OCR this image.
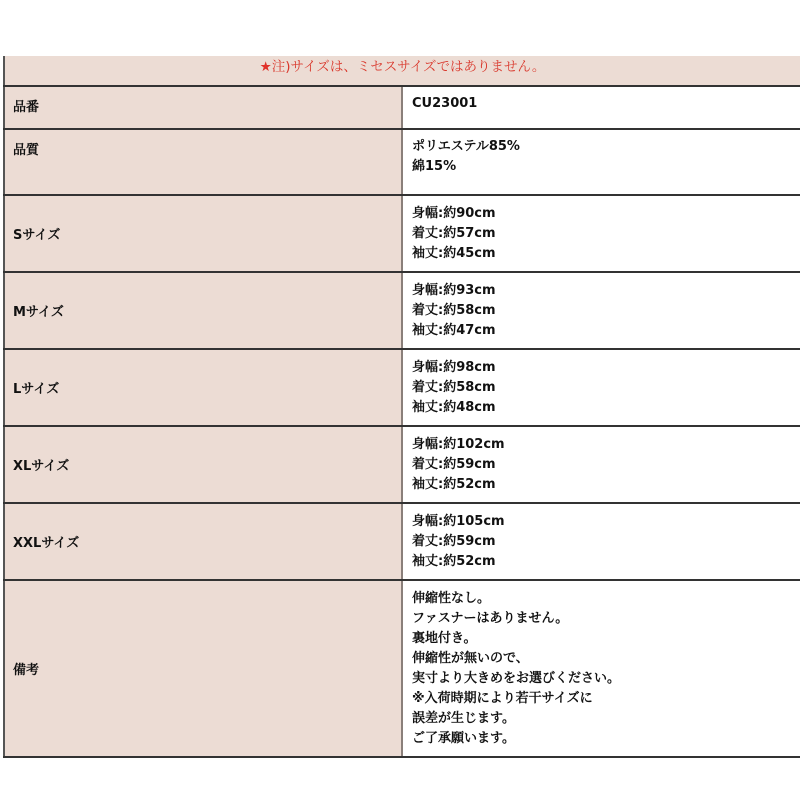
★注)サイズは、ミセスサイズではありません。	
品番	CU23001

品質	ポリエステル85%
綿15%

Sサイズ	身幅:約90cm
着丈:約57cm
袖丈:約45cm

Mサイズ	身幅:約93cm
着丈:約58cm
袖丈:約47cm

Lサイズ	身幅:約98cm
着丈:約58cm
袖丈:約48cm

XLサイズ	身幅:約102cm
着丈:約59cm
袖丈:約52cm

XXLサイズ	身幅:約105cm
着丈:約59cm
袖丈:約52cm

備考	
伸縮性なし。
ファスナーはありません。
裏地付き。
伸縮性が無いので、
実寸より大きめをお選びください。
※入荷時期により若干サイズに
誤差が生じます。
ご了承願います。
